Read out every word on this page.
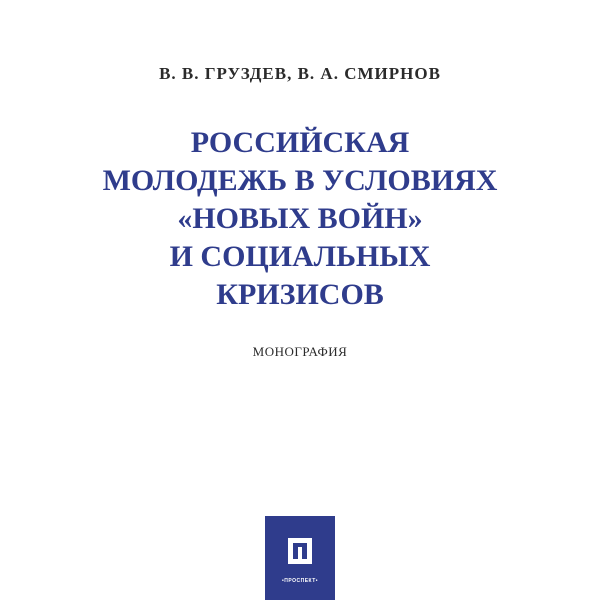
В. В. ГРУЗДЕВ, В. А. СМИРНОВ
РОССИЙСКАЯ
МОЛОДЕЖЬ В УСЛОВИЯХ
«НОВЫХ ВОЙН»
И СОЦИАЛЬНЫХ
КРИЗИСОВ
МОНОГРАФИЯ
•ПРОСПЕКТ•
